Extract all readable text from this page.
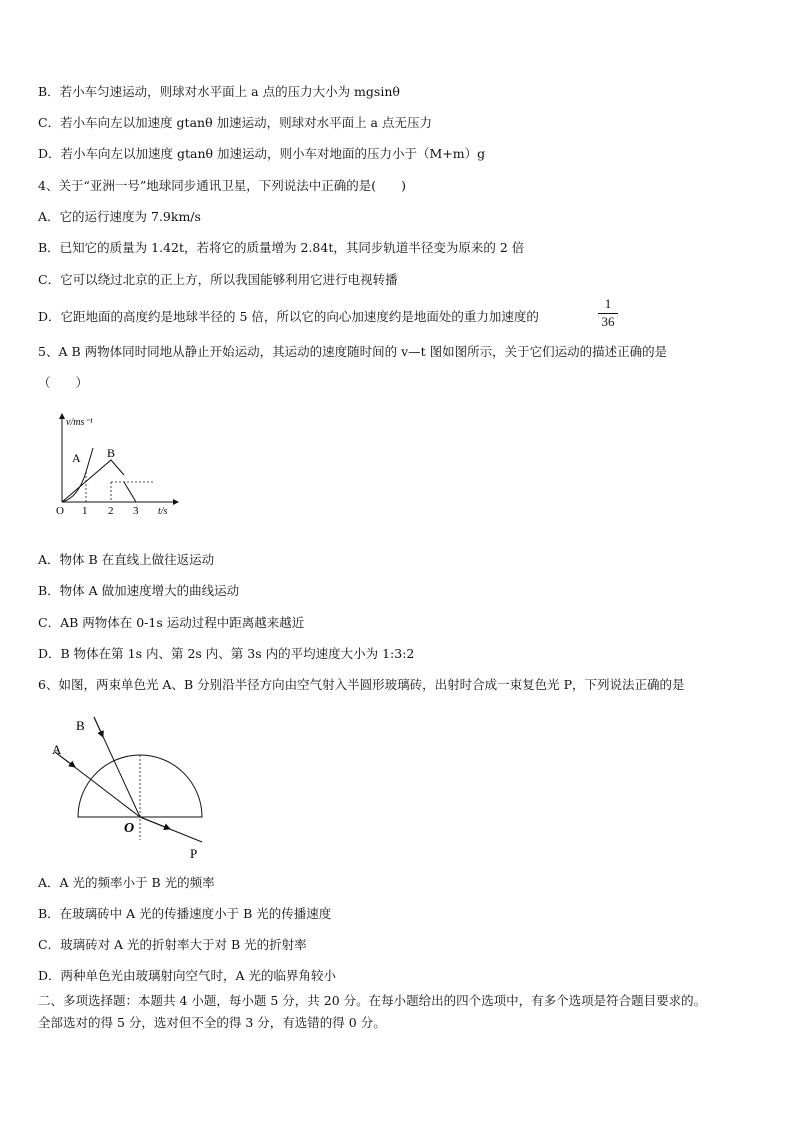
B．若小车匀速运动，则球对水平面上 a 点的压力大小为 mgsinθ
C．若小车向左以加速度 gtanθ 加速运动，则球对水平面上 a 点无压力
D．若小车向左以加速度 gtanθ 加速运动，则小车对地面的压力小于（M+m）g
4、关于“亚洲一号”地球同步通讯卫星，下列说法中正确的是(　　)
A．它的运行速度为 7.9km/s
B．已知它的质量为 1.42t，若将它的质量增为 2.84t，其同步轨道半径变为原来的 2 倍
C．它可以绕过北京的正上方，所以我国能够利用它进行电视转播
D．它距地面的高度约是地球半径的 5 倍，所以它的向心加速度约是地面处的重力加速度的
1
36
5、A B 两物体同时同地从静止开始运动，其运动的速度随时间的 v—t 图如图所示，关于它们运动的描述正确的是
（　　）
v/ms⁻¹
t/s
O 1 2 3
A B
A．物体 B 在直线上做往返运动
B．物体 A 做加速度增大的曲线运动
C．AB 两物体在 0-1s 运动过程中距离越来越近
D．B 物体在第 1s 内、第 2s 内、第 3s 内的平均速度大小为 1:3:2
6、如图，两束单色光 A、B 分别沿半径方向由空气射入半圆形玻璃砖，出射时合成一束复色光 P，下列说法正确的是
A
B
O
P
A．A 光的频率小于 B 光的频率
B．在玻璃砖中 A 光的传播速度小于 B 光的传播速度
C．玻璃砖对 A 光的折射率大于对 B 光的折射率
D．两种单色光由玻璃射向空气时，A 光的临界角较小
二、多项选择题：本题共 4 小题，每小题 5 分，共 20 分。在每小题给出的四个选项中，有多个选项是符合题目要求的。
全部选对的得 5 分，选对但不全的得 3 分，有选错的得 0 分。
